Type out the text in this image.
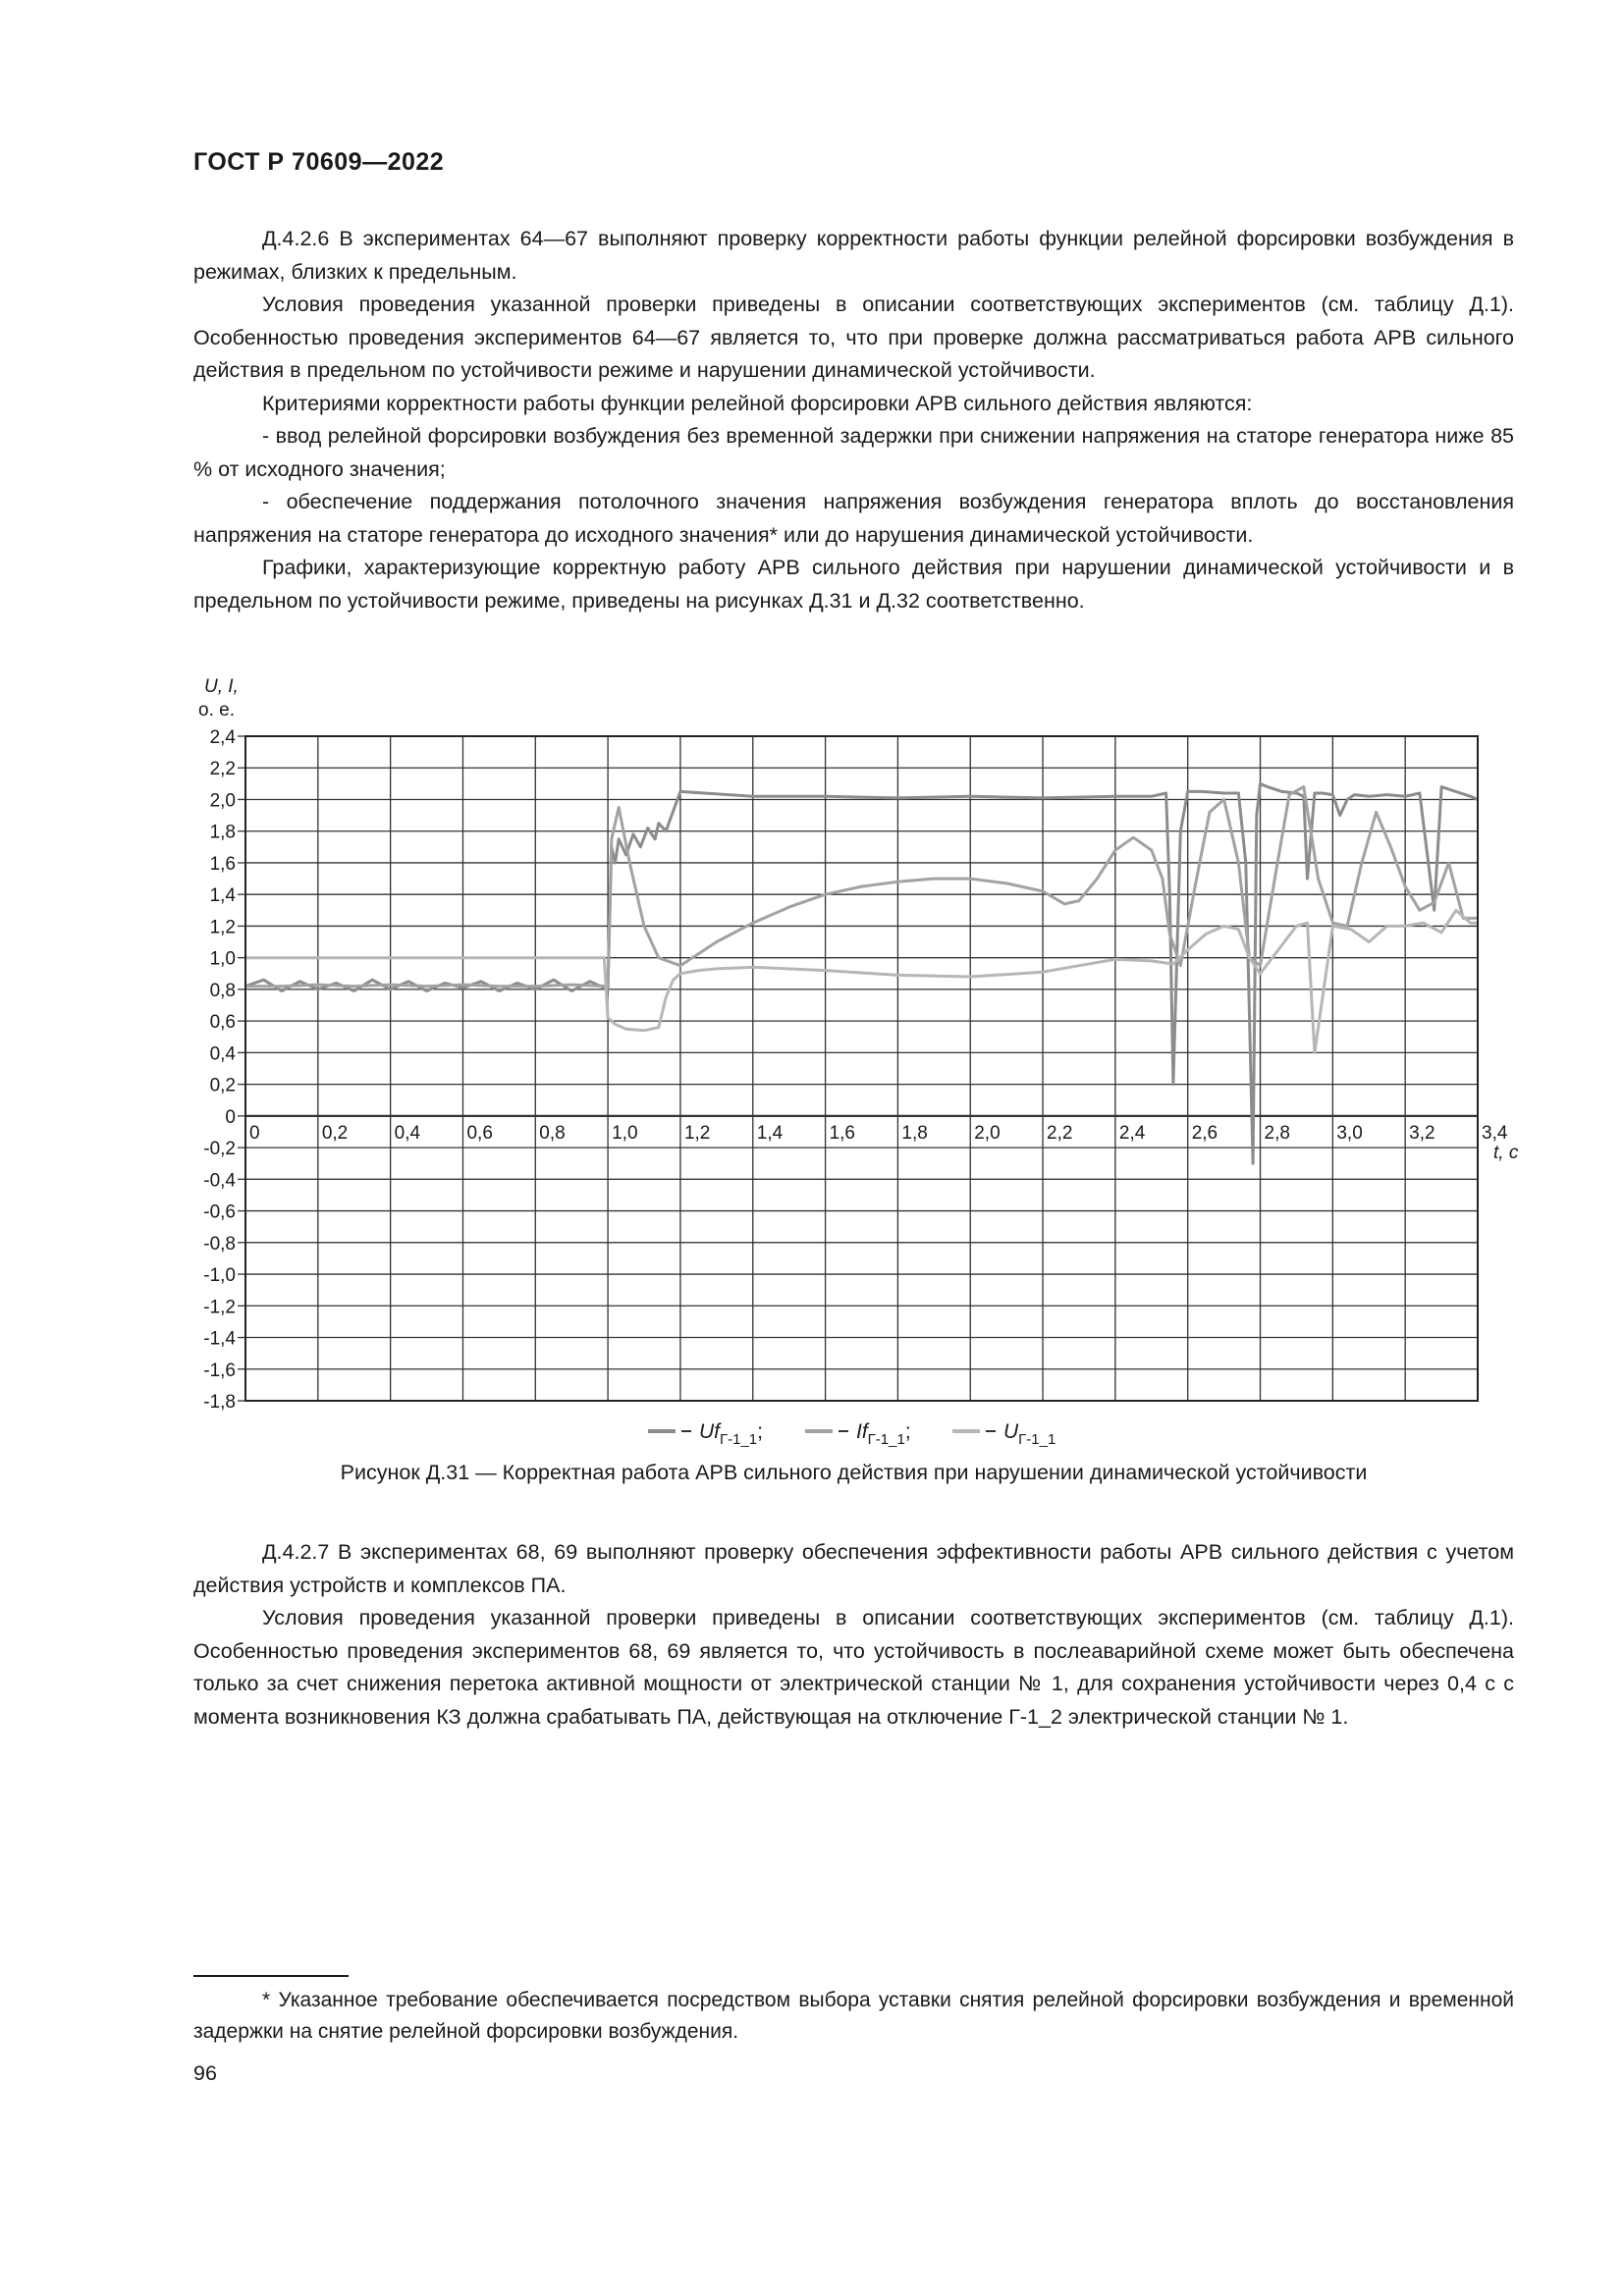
ГОСТ Р 70609—2022

Д.4.2.6 В экспериментах 64—67 выполняют проверку корректности работы функции релейной форсировки возбуждения в режимах, близких к предельным.

Условия проведения указанной проверки приведены в описании соответствующих экспериментов (см. таблицу Д.1). Особенностью проведения экспериментов 64—67 является то, что при проверке должна рассматриваться работа АРВ сильного действия в предельном по устойчивости режиме и нарушении динамической устойчивости.

Критериями корректности работы функции релейной форсировки АРВ сильного действия являются:

- ввод релейной форсировки возбуждения без временной задержки при снижении напряжения на статоре генератора ниже 85 % от исходного значения;

- обеспечение поддержания потолочного значения напряжения возбуждения генератора вплоть до восстановления напряжения на статоре генератора до исходного значения* или до нарушения динамической устойчивости.

Графики, характеризующие корректную работу АРВ сильного действия при нарушении динамической устойчивости и в предельном по устойчивости режиме, приведены на рисунках Д.31 и Д.32 соответственно.

2,4
2,2
2,0
1,8
1,6
1,4
1,2
1,0
0,8
0,6
0,4
0,2
0
-0,2
-0,4
-0,6
-0,8
-1,0
-1,2
-1,4
-1,6
-1,8
0	0,2 0,4 0,6 0,8 1,0 1,2 1,4 1,6 1,8 2,0 2,2 2,4 2,6 2,8 3,0 3,2 3,4
U, I,
о. е.
t, с
$Uf_{Г-1\_1}$;	$If_{Г-1\_1}$;	$U_{Г-1\_1}$
Рисунок Д.31 — Корректная работа АРВ сильного действия при нарушении динамической устойчивости

Д.4.2.7 В экспериментах 68, 69 выполняют проверку обеспечения эффективности работы АРВ сильного действия с учетом действия устройств и комплексов ПА.

Условия проведения указанной проверки приведены в описании соответствующих экспериментов (см. таблицу Д.1). Особенностью проведения экспериментов 68, 69 является то, что устойчивость в послеаварийной схеме может быть обеспечена только за счет снижения перетока активной мощности от электрической станции № 1, для сохранения устойчивости через 0,4 с с момента возникновения КЗ должна срабатывать ПА, действующая на отключение Г-1_2 электрической станции № 1.

* Указанное требование обеспечивается посредством выбора уставки снятия релейной форсировки возбуждения и временной задержки на снятие релейной форсировки возбуждения.

96
